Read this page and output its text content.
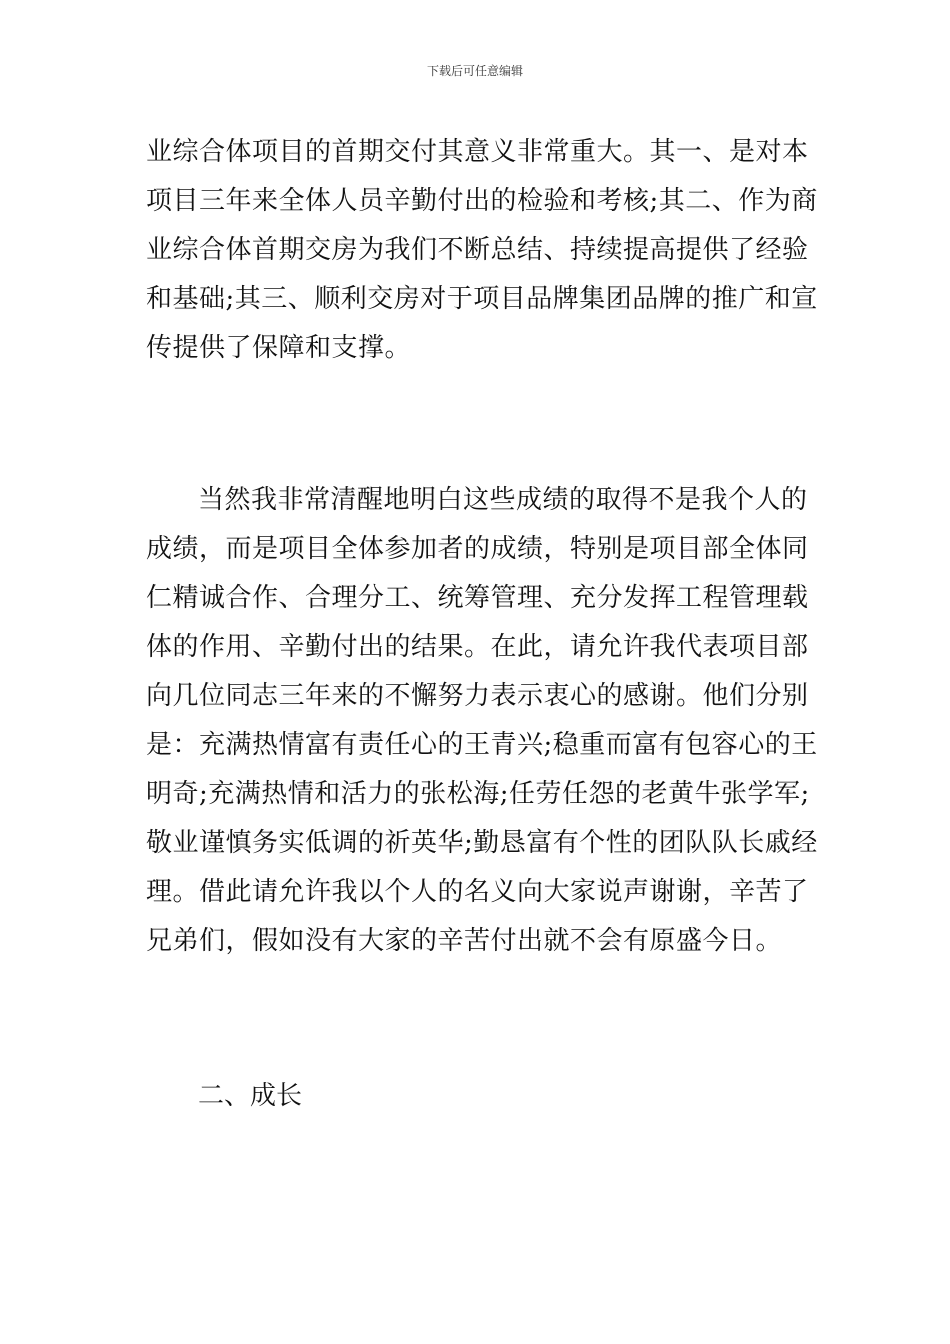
下载后可任意编辑
业综合体项目的首期交付其意义非常重大。其一、是对本
项目三年来全体人员辛勤付出的检验和考核;其二、作为商
业综合体首期交房为我们不断总结、持续提高提供了经验
和基础;其三、顺利交房对于项目品牌集团品牌的推广和宣
传提供了保障和支撑。
当然我非常清醒地明白这些成绩的取得不是我个人的
成绩，而是项目全体参加者的成绩，特别是项目部全体同
仁精诚合作、合理分工、统筹管理、充分发挥工程管理载
体的作用、辛勤付出的结果。在此，请允许我代表项目部
向几位同志三年来的不懈努力表示衷心的感谢。他们分别
是：充满热情富有责任心的王青兴;稳重而富有包容心的王
明奇;充满热情和活力的张松海;任劳任怨的老黄牛张学军;
敬业谨慎务实低调的祈英华;勤恳富有个性的团队队长戚经
理。借此请允许我以个人的名义向大家说声谢谢，辛苦了
兄弟们，假如没有大家的辛苦付出就不会有原盛今日。
二、成长
